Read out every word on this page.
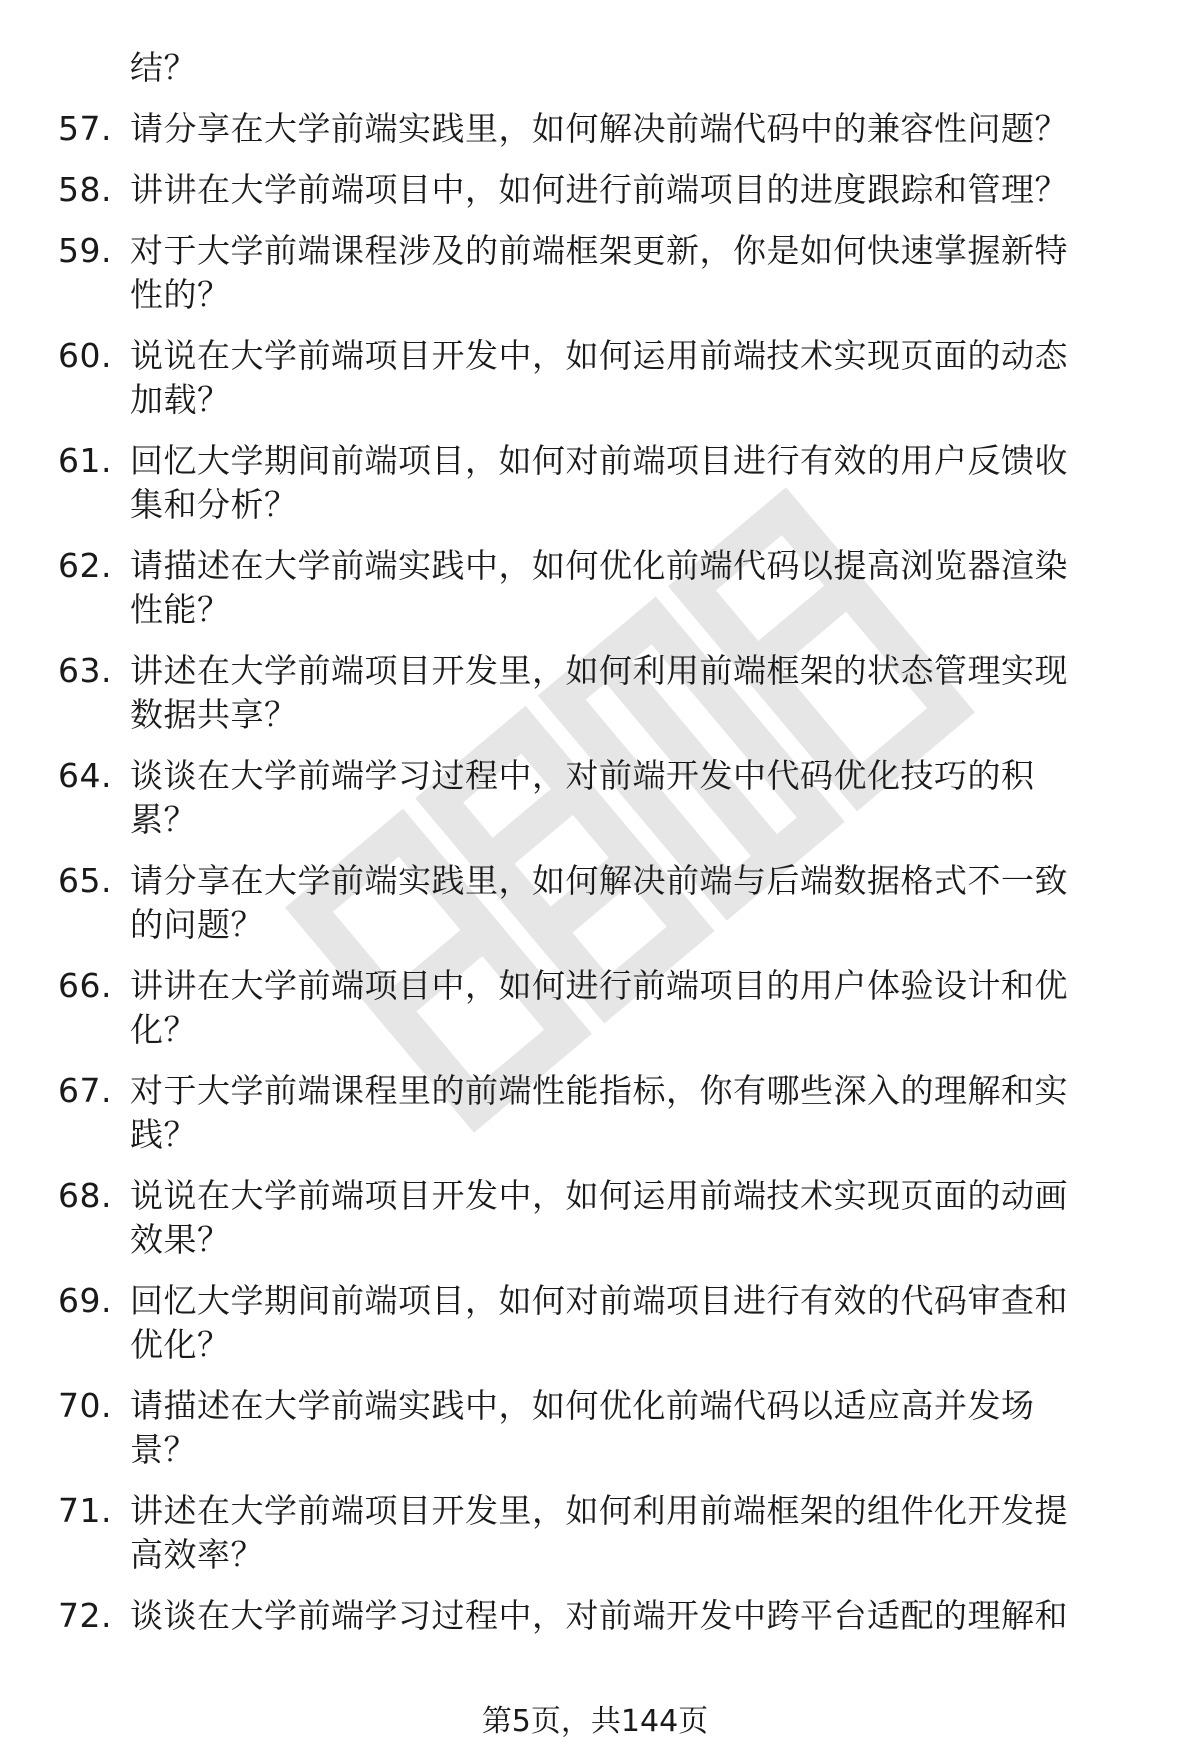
结？
57. 请分享在大学前端实践里，如何解决前端代码中的兼容性问题？
58. 讲讲在大学前端项目中，如何进行前端项目的进度跟踪和管理？
59. 对于大学前端课程涉及的前端框架更新，你是如何快速掌握新特
性的？
60. 说说在大学前端项目开发中，如何运用前端技术实现页面的动态
加载？
61. 回忆大学期间前端项目，如何对前端项目进行有效的用户反馈收
集和分析？
62. 请描述在大学前端实践中，如何优化前端代码以提高浏览器渲染
性能？
63. 讲述在大学前端项目开发里，如何利用前端框架的状态管理实现
数据共享？
64. 谈谈在大学前端学习过程中，对前端开发中代码优化技巧的积
累？
65. 请分享在大学前端实践里，如何解决前端与后端数据格式不一致
的问题？
66. 讲讲在大学前端项目中，如何进行前端项目的用户体验设计和优
化？
67. 对于大学前端课程里的前端性能指标，你有哪些深入的理解和实
践？
68. 说说在大学前端项目开发中，如何运用前端技术实现页面的动画
效果？
69. 回忆大学期间前端项目，如何对前端项目进行有效的代码审查和
优化？
70. 请描述在大学前端实践中，如何优化前端代码以适应高并发场
景？
71. 讲述在大学前端项目开发里，如何利用前端框架的组件化开发提
高效率？
72. 谈谈在大学前端学习过程中，对前端开发中跨平台适配的理解和
第5页，共144页
